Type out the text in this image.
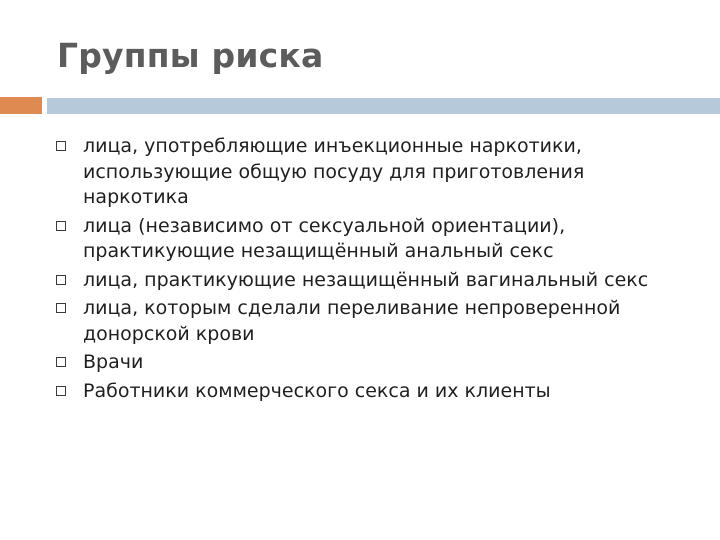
Группы риска
лица, употребляющие инъекционные наркотики, использующие общую посуду для приготовления наркотика
лица (независимо от сексуальной ориентации), практикующие незащищённый анальный секс
лица, практикующие незащищённый вагинальный секс
лица, которым сделали переливание непроверенной донорской крови
Врачи
Работники коммерческого секса и их клиенты
